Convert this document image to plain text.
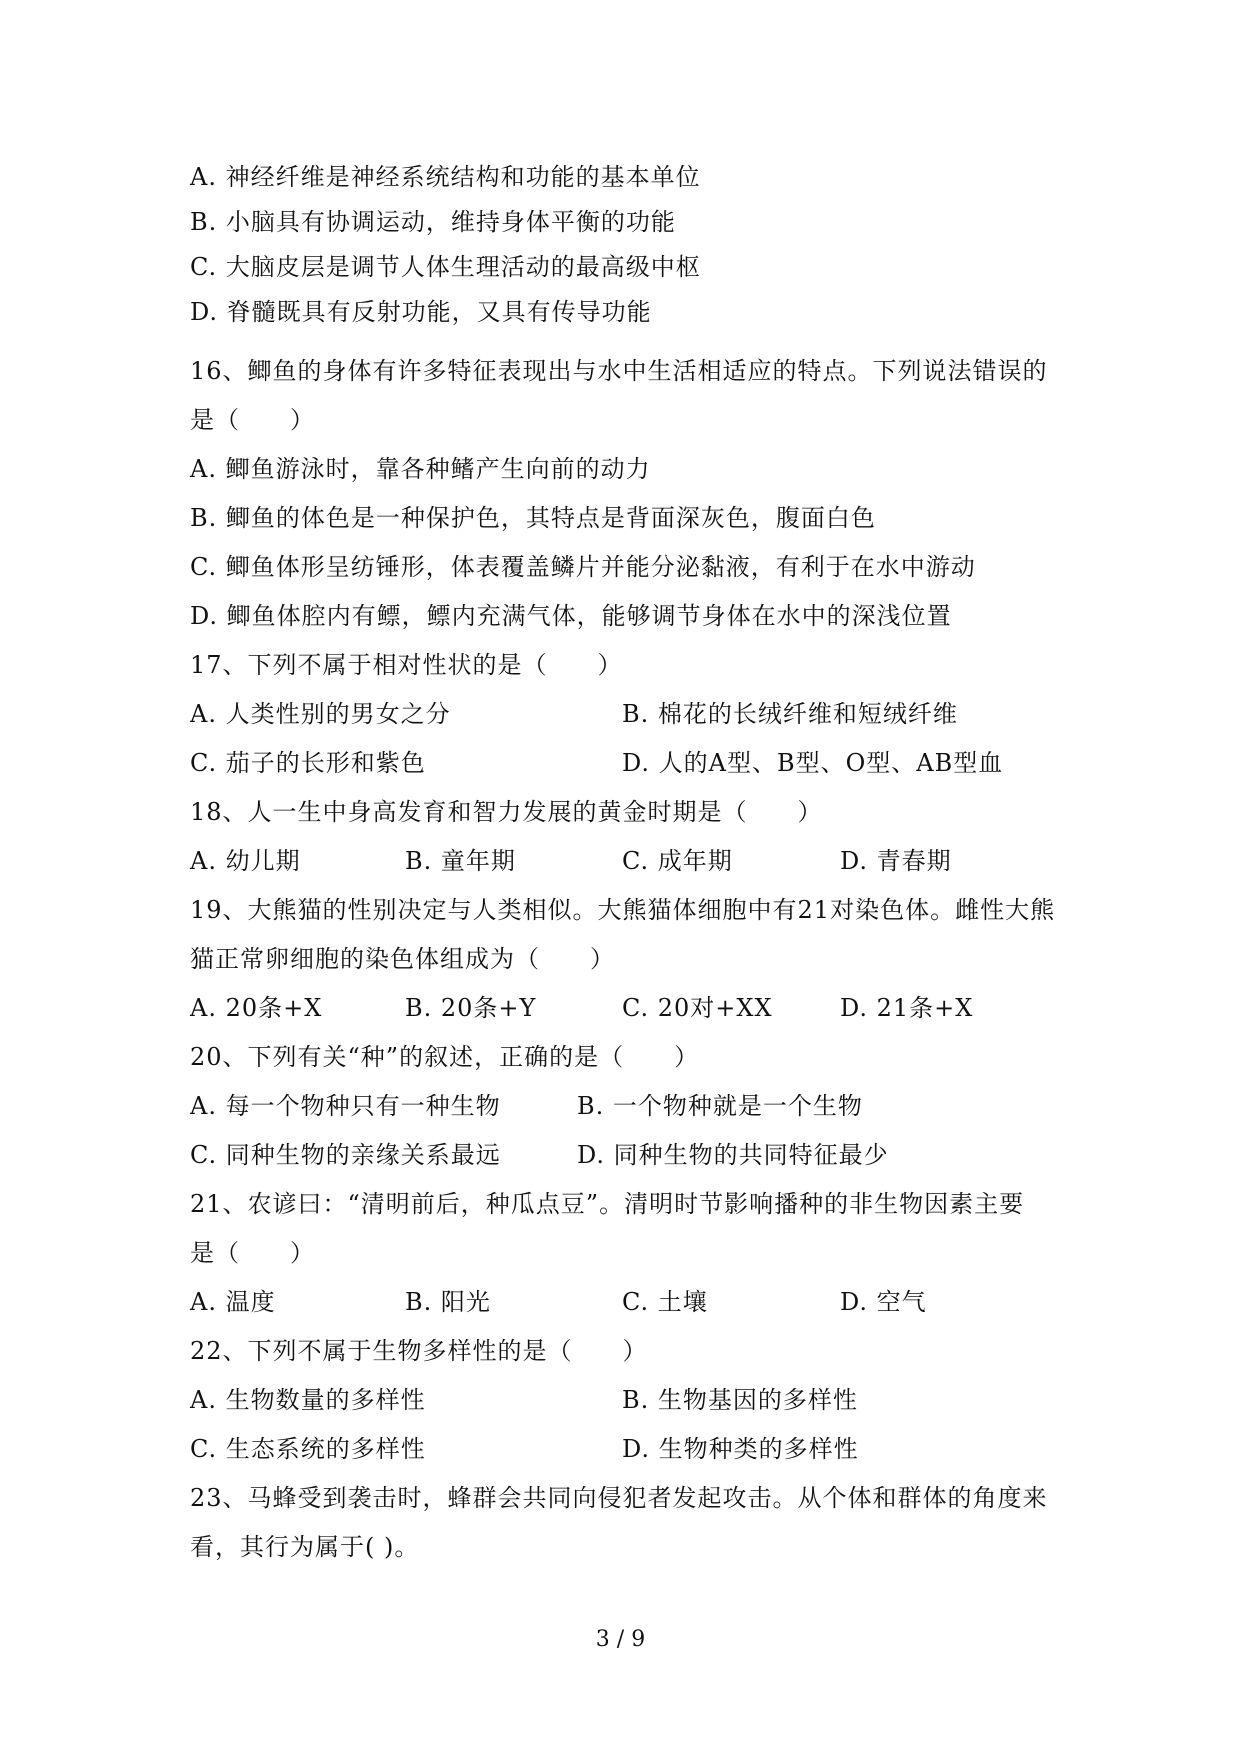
A. 神经纤维是神经系统结构和功能的基本单位
B. 小脑具有协调运动，维持身体平衡的功能
C. 大脑皮层是调节人体生理活动的最高级中枢
D. 脊髓既具有反射功能，又具有传导功能
16、鲫鱼的身体有许多特征表现出与水中生活相适应的特点。下列说法错误的
是（　　）
A. 鲫鱼游泳时，靠各种鳍产生向前的动力
B. 鲫鱼的体色是一种保护色，其特点是背面深灰色，腹面白色
C. 鲫鱼体形呈纺锤形，体表覆盖鳞片并能分泌黏液，有利于在水中游动
D. 鲫鱼体腔内有鳔，鳔内充满气体，能够调节身体在水中的深浅位置
17、下列不属于相对性状的是（　　）
A. 人类性别的男女之分	B. 棉花的长绒纤维和短绒纤维
C. 茄子的长形和紫色	D. 人的A型、B型、O型、AB型血
18、人一生中身高发育和智力发展的黄金时期是（　　）
A. 幼儿期	B. 童年期	C. 成年期	D. 青春期
19、大熊猫的性别决定与人类相似。大熊猫体细胞中有21对染色体。雌性大熊
猫正常卵细胞的染色体组成为（　　）
A. 20条+X	B. 20条+Y	C. 20对+XX	D. 21条+X
20、下列有关“种”的叙述，正确的是（　　）
A. 每一个物种只有一种生物	B. 一个物种就是一个生物
C. 同种生物的亲缘关系最远	D. 同种生物的共同特征最少
21、农谚曰：“清明前后，种瓜点豆”。清明时节影响播种的非生物因素主要
是（　　）
A. 温度	B. 阳光	C. 土壤	D. 空气
22、下列不属于生物多样性的是（　　）
A. 生物数量的多样性	B. 生物基因的多样性
C. 生态系统的多样性	D. 生物种类的多样性
23、马蜂受到袭击时，蜂群会共同向侵犯者发起攻击。从个体和群体的角度来
看，其行为属于( )。
3 / 9
